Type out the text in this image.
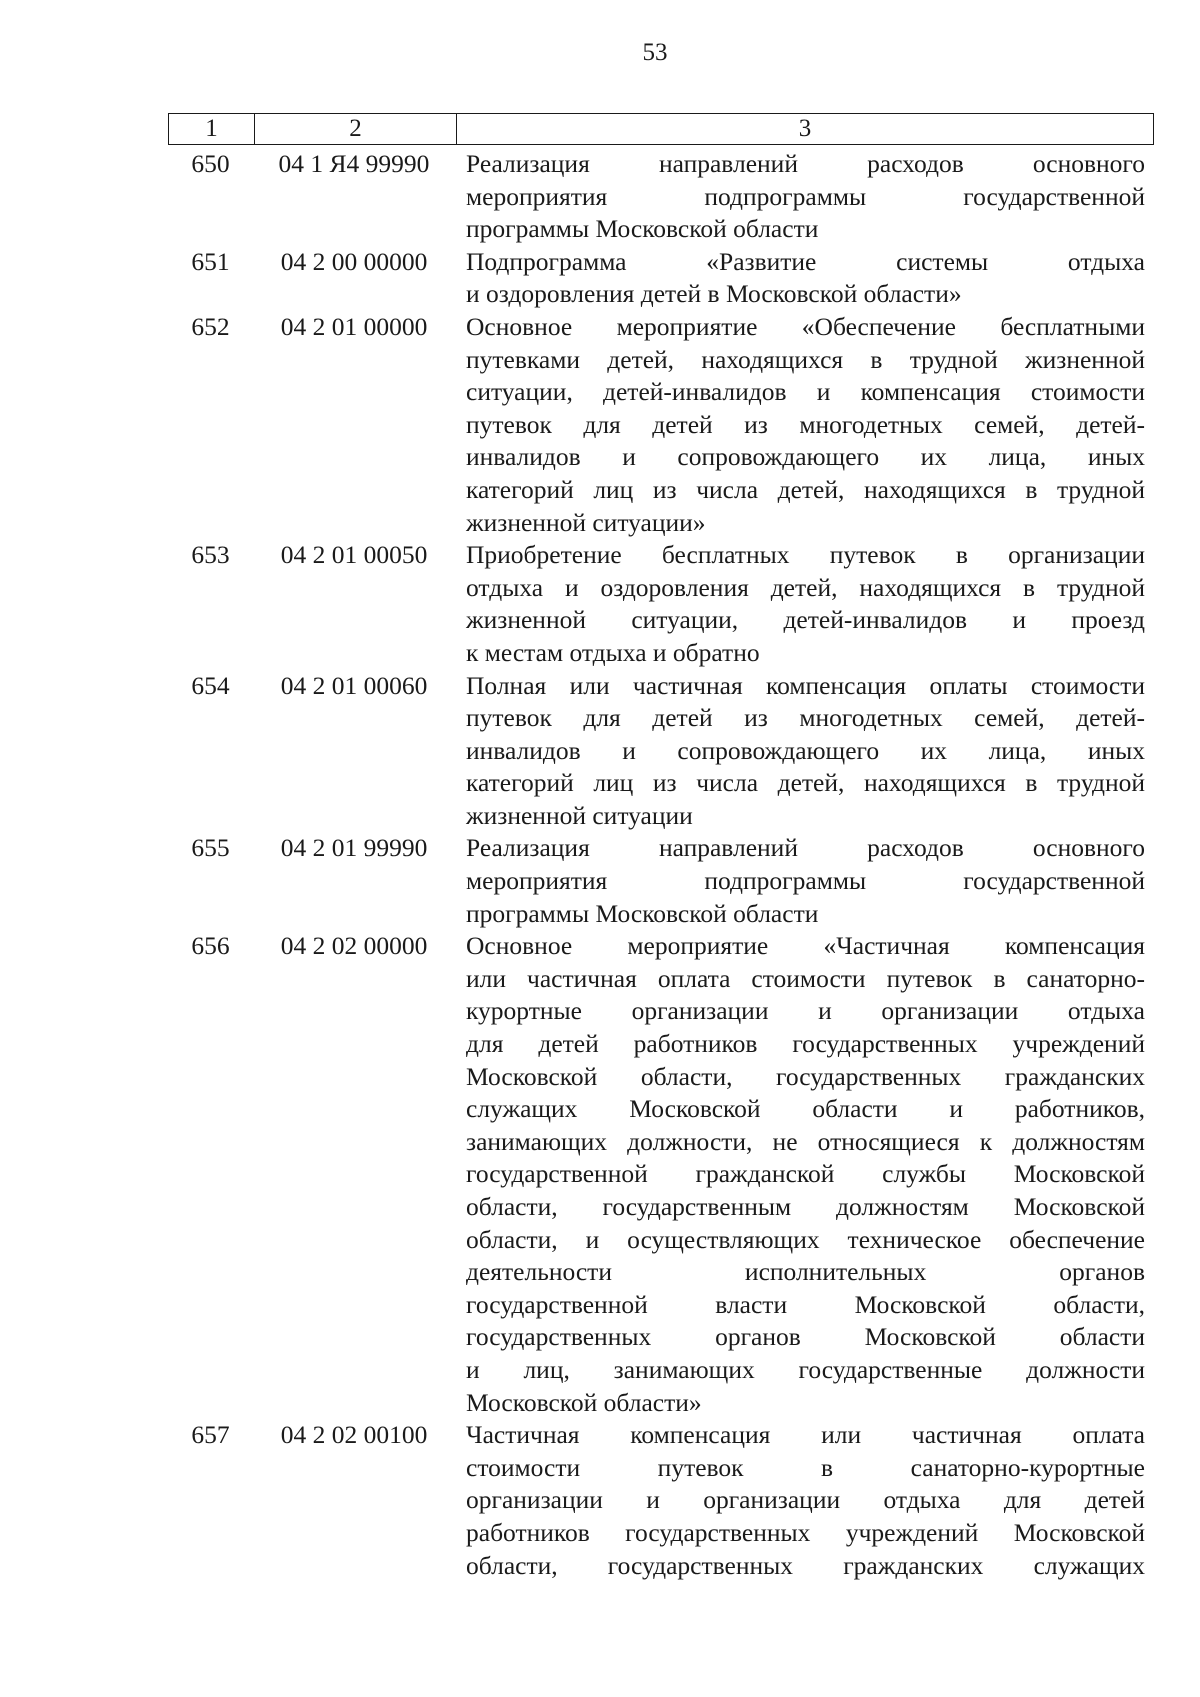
53
1	2	3
650	04 1 Я4 99990	Реализация направлений расходов основного
мероприятия подпрограммы государственной
программы Московской области
651	04 2 00 00000	Подпрограмма «Развитие системы отдыха
и оздоровления детей в Московской области»
652	04 2 01 00000	Основное мероприятие «Обеспечение бесплатными
путевками детей, находящихся в трудной жизненной
ситуации, детей-инвалидов и компенсация стоимости
путевок для детей из многодетных семей, детей-
инвалидов и сопровождающего их лица, иных
категорий лиц из числа детей, находящихся в трудной
жизненной ситуации»
653	04 2 01 00050	Приобретение бесплатных путевок в организации
отдыха и оздоровления детей, находящихся в трудной
жизненной ситуации, детей-инвалидов и проезд
к местам отдыха и обратно
654	04 2 01 00060	Полная или частичная компенсация оплаты стоимости
путевок для детей из многодетных семей, детей-
инвалидов и сопровождающего их лица, иных
категорий лиц из числа детей, находящихся в трудной
жизненной ситуации
655	04 2 01 99990	Реализация направлений расходов основного
мероприятия подпрограммы государственной
программы Московской области
656	04 2 02 00000	Основное мероприятие «Частичная компенсация
или частичная оплата стоимости путевок в санаторно-
курортные организации и организации отдыха
для детей работников государственных учреждений
Московской области, государственных гражданских
служащих Московской области и работников,
занимающих должности, не относящиеся к должностям
государственной гражданской службы Московской
области, государственным должностям Московской
области, и осуществляющих техническое обеспечение
деятельности исполнительных органов
государственной власти Московской области,
государственных органов Московской области
и лиц, занимающих государственные должности
Московской области»
657	04 2 02 00100	Частичная компенсация или частичная оплата
стоимости путевок в санаторно-курортные
организации и организации отдыха для детей
работников государственных учреждений Московской
области, государственных гражданских служащих
